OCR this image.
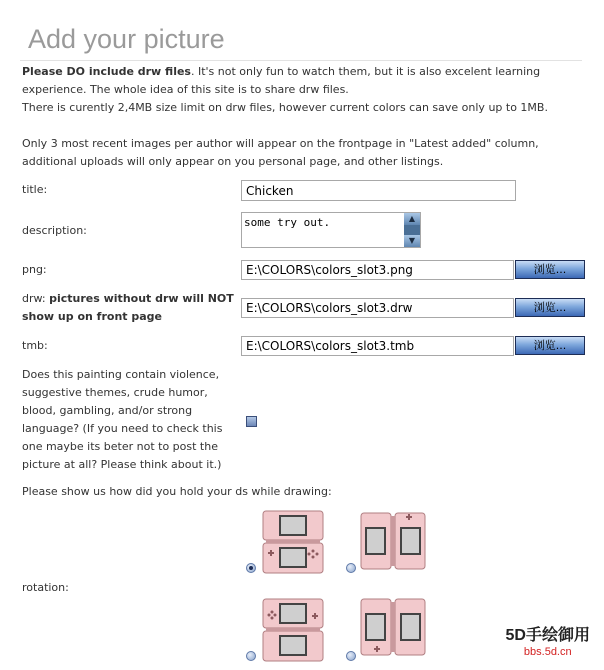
Add your picture

Please DO include drw files. It's not only fun to watch them, but it is also excelent learning

experience. The whole idea of this site is to share drw files.

There is curently 2,4MB size limit on drw files, however current colors can save only up to 1MB.

Only 3 most recent images per author will appear on the frontpage in "Latest added" column,

additional uploads will only appear on you personal page, and other listings.

title:
Chicken
description:
some try out.	▲
▼
png:
E:\COLORS\colors_slot3.png	浏览...
drw: pictures without drw will NOT
show up on front page
E:\COLORS\colors_slot3.drw
浏览...
tmb:
E:\COLORS\colors_slot3.tmb	浏览...
Does this painting contain violence,
suggestive themes, crude humor,
blood, gambling, and/or strong
language? (If you need to check this
one maybe its beter not to post the
picture at all? Please think about it.)
Please show us how did you hold your ds while drawing:
rotation:
5D手绘御用
bbs.5d.cn
